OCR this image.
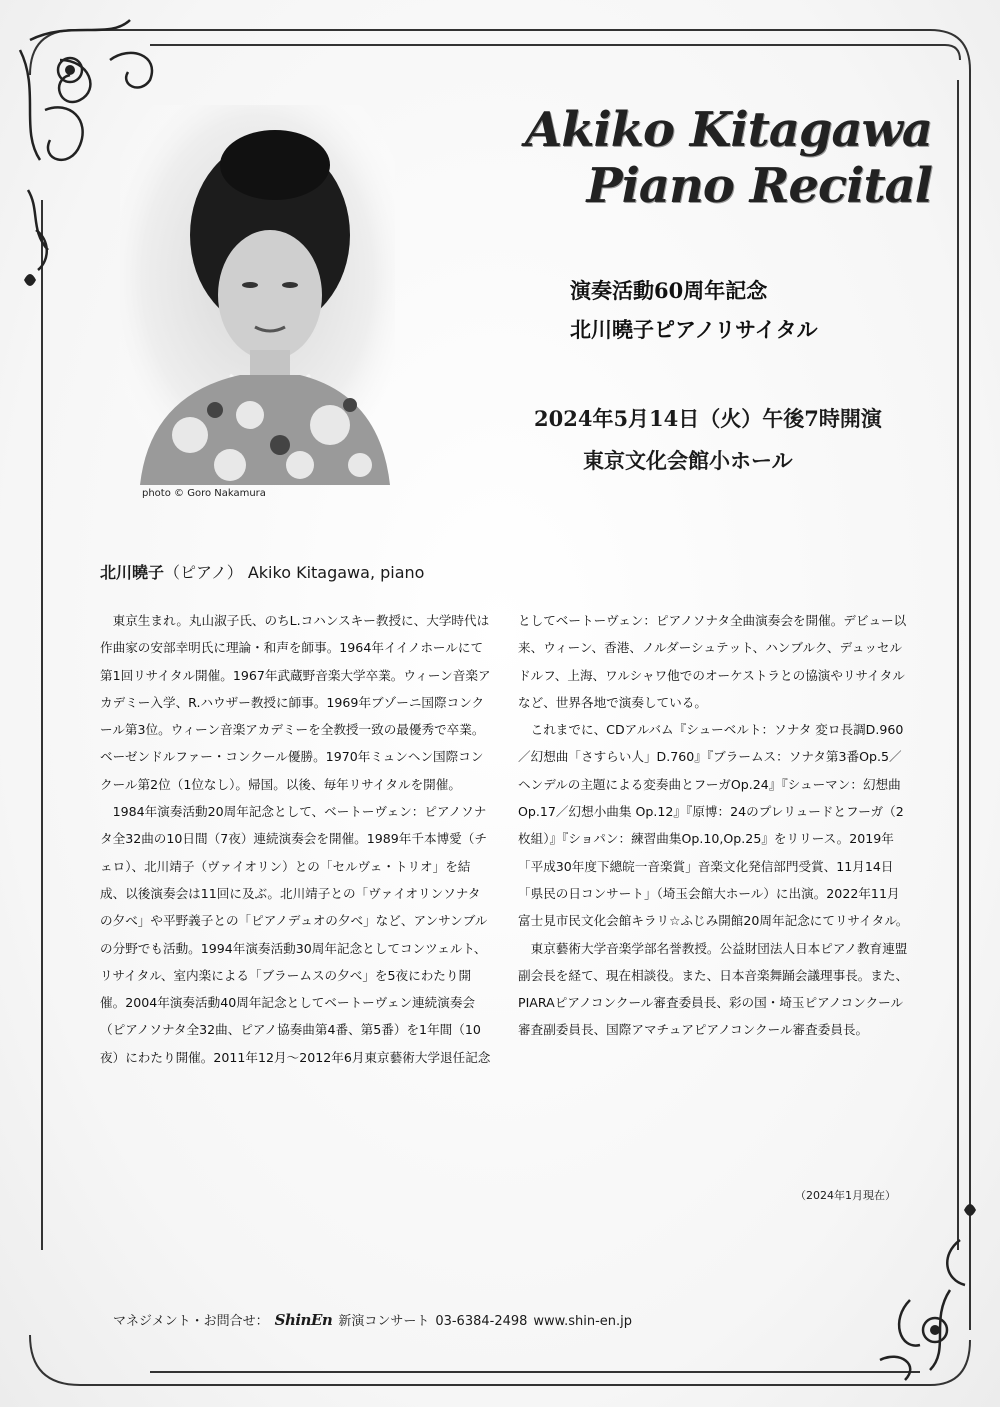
photo © Goro Nakamura
Akiko Kitagawa
Piano Recital
演奏活動60周年記念
北川曉子ピアノリサイタル
2024年5月14日（火）午後7時開演
東京文化会館小ホール
北川曉子（ピアノ） Akiko Kitagawa, piano

東京生まれ。丸山淑子氏、のちL.コハンスキー教授に、大学時代は作曲家の安部幸明氏に理論・和声を師事。1964年イイノホールにて第1回リサイタル開催。1967年武蔵野音楽大学卒業。ウィーン音楽アカデミー入学、R.ハウザー教授に師事。1969年ブゾーニ国際コンクール第3位。ウィーン音楽アカデミーを全教授一致の最優秀で卒業。ベーゼンドルファー・コンクール優勝。1970年ミュンヘン国際コンクール第2位（1位なし）。帰国。以後、毎年リサイタルを開催。

1984年演奏活動20周年記念として、ベートーヴェン：ピアノソナタ全32曲の10日間（7夜）連続演奏会を開催。1989年千本博愛（チェロ）、北川靖子（ヴァイオリン）との「セルヴェ・トリオ」を結成、以後演奏会は11回に及ぶ。北川靖子との「ヴァイオリンソナタの夕べ」や平野義子との「ピアノデュオの夕べ」など、アンサンブルの分野でも活動。1994年演奏活動30周年記念としてコンツェルト、リサイタル、室内楽による「ブラームスの夕べ」を5夜にわたり開催。2004年演奏活動40周年記念としてベートーヴェン連続演奏会（ピアノソナタ全32曲、ピアノ協奏曲第4番、第5番）を1年間（10夜）にわたり開催。2011年12月〜2012年6月東京藝術大学退任記念

としてベートーヴェン：ピアノソナタ全曲演奏会を開催。デビュー以来、ウィーン、香港、ノルダーシュテット、ハンブルク、デュッセルドルフ、上海、ワルシャワ他でのオーケストラとの協演やリサイタルなど、世界各地で演奏している。

これまでに、CDアルバム『シューベルト：ソナタ 変ロ長調D.960／幻想曲「さすらい人」D.760』『ブラームス：ソナタ第3番Op.5／ヘンデルの主題による変奏曲とフーガOp.24』『シューマン：幻想曲Op.17／幻想小曲集 Op.12』『原博：24のプレリュードとフーガ（2枚組）』『ショパン：練習曲集Op.10,Op.25』をリリース。2019年「平成30年度下總皖一音楽賞」音楽文化発信部門受賞、11月14日「県民の日コンサート」（埼玉会館大ホール）に出演。2022年11月富士見市民文化会館キラリ☆ふじみ開館20周年記念にてリサイタル。

東京藝術大学音楽学部名誉教授。公益財団法人日本ピアノ教育連盟副会長を経て、現在相談役。また、日本音楽舞踊会議理事長。また、PIARAピアノコンクール審査委員長、彩の国・埼玉ピアノコンクール審査副委員長、国際アマチュアピアノコンクール審査委員長。

（2024年1月現在）
マネジメント・お問合せ： ShinEn 新演コンサート 03-6384-2498 www.shin-en.jp
